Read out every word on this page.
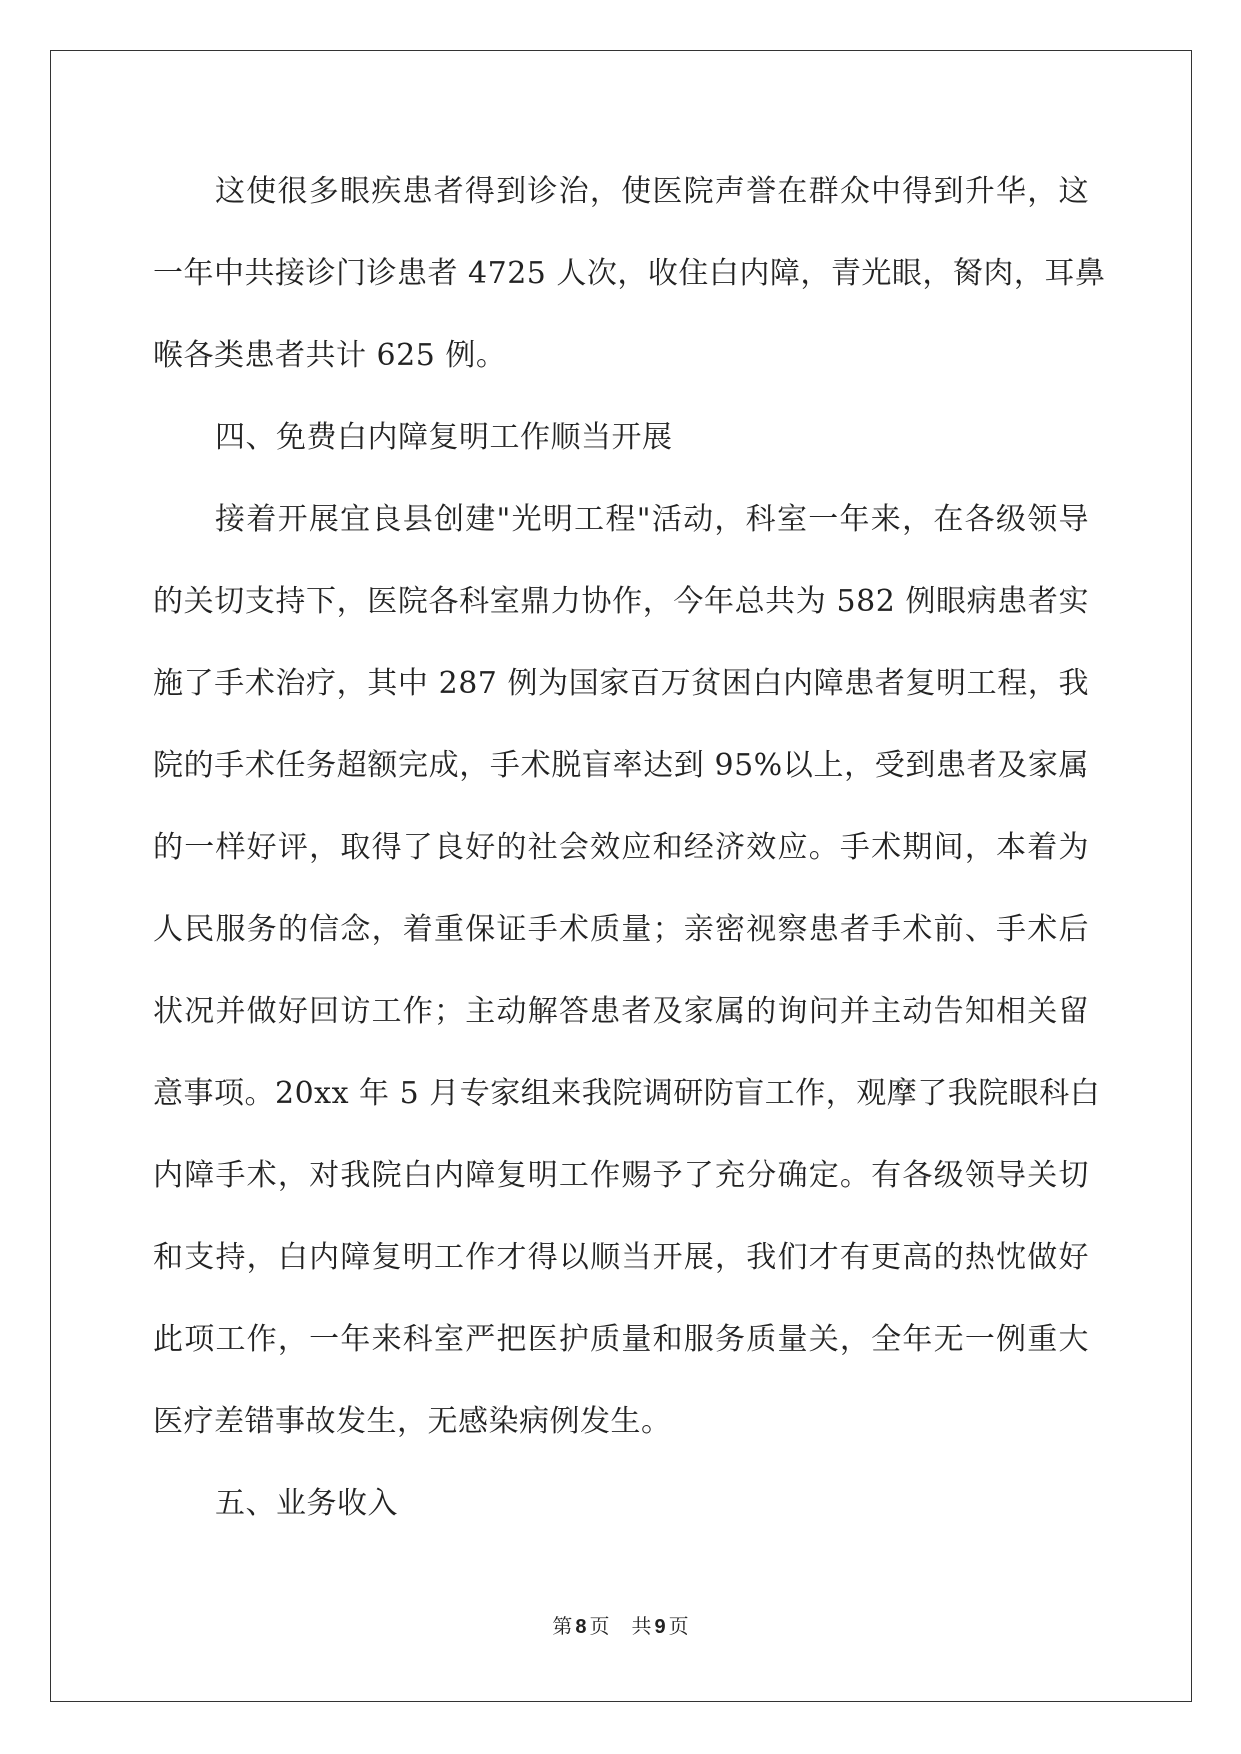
这使很多眼疾患者得到诊治，使医院声誉在群众中得到升华，这
一年中共接诊门诊患者 4725 人次，收住白内障，青光眼，胬肉，耳鼻
喉各类患者共计 625 例。
四、免费白内障复明工作顺当开展
接着开展宜良县创建"光明工程"活动，科室一年来，在各级领导
的关切支持下，医院各科室鼎力协作，今年总共为 582 例眼病患者实
施了手术治疗，其中 287 例为国家百万贫困白内障患者复明工程，我
院的手术任务超额完成，手术脱盲率达到 95%以上，受到患者及家属
的一样好评，取得了良好的社会效应和经济效应。手术期间，本着为
人民服务的信念，着重保证手术质量；亲密视察患者手术前、手术后
状况并做好回访工作；主动解答患者及家属的询问并主动告知相关留
意事项。20xx 年 5 月专家组来我院调研防盲工作，观摩了我院眼科白
内障手术，对我院白内障复明工作赐予了充分确定。有各级领导关切
和支持，白内障复明工作才得以顺当开展，我们才有更高的热忱做好
此项工作，一年来科室严把医护质量和服务质量关，全年无一例重大
医疗差错事故发生，无感染病例发生。
五、业务收入
第 8 页 共 9 页
